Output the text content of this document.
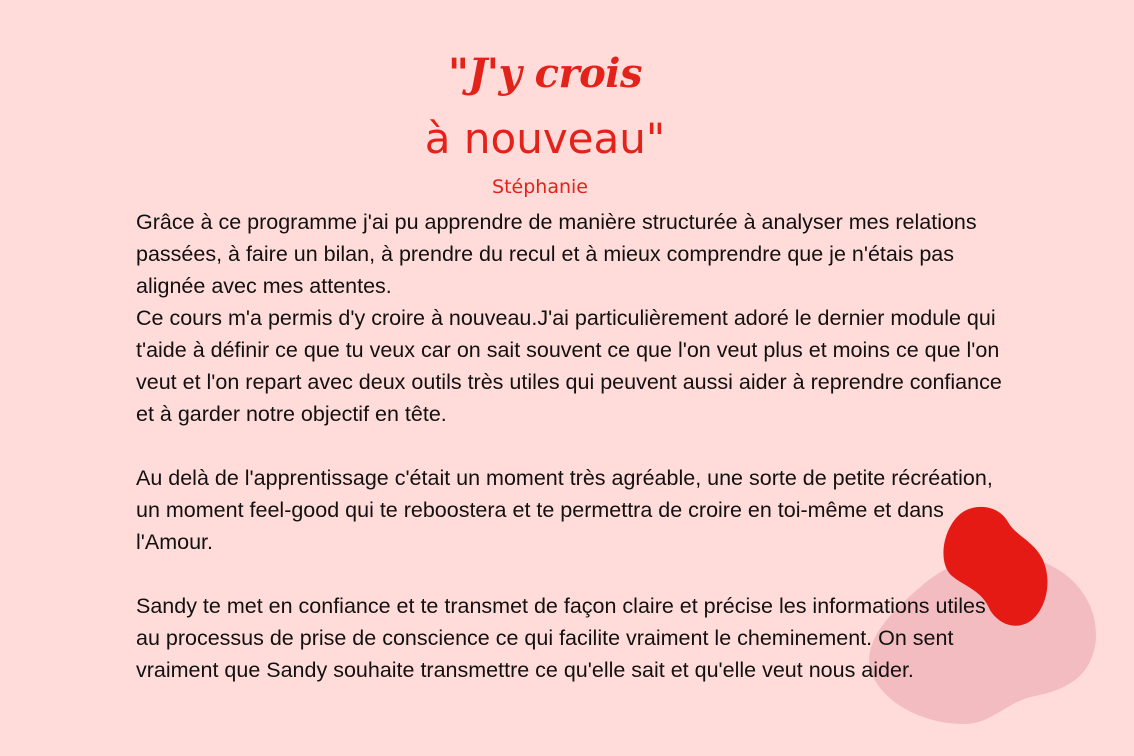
"J'y crois
à nouveau"
Stéphanie

Grâce à ce programme j'ai pu apprendre de manière structurée à analyser mes relations passées, à faire un bilan, à prendre du recul et à mieux comprendre que je n'étais pas alignée avec mes attentes.

Ce cours m'a permis d'y croire à nouveau.J'ai particulièrement adoré le dernier module qui t'aide à définir ce que tu veux car on sait souvent ce que l'on veut plus et moins ce que l'on veut et l'on repart avec deux outils très utiles qui peuvent aussi aider à reprendre confiance et à garder notre objectif en tête.

Au delà de l'apprentissage c'était un moment très agréable, une sorte de petite récréation, un moment feel-good qui te reboostera et te permettra de croire en toi-même et dans l'Amour.

Sandy te met en confiance et te transmet de façon claire et précise les informations utiles au processus de prise de conscience ce qui facilite vraiment le cheminement. On sent vraiment que Sandy souhaite transmettre ce qu'elle sait et qu'elle veut nous aider.
